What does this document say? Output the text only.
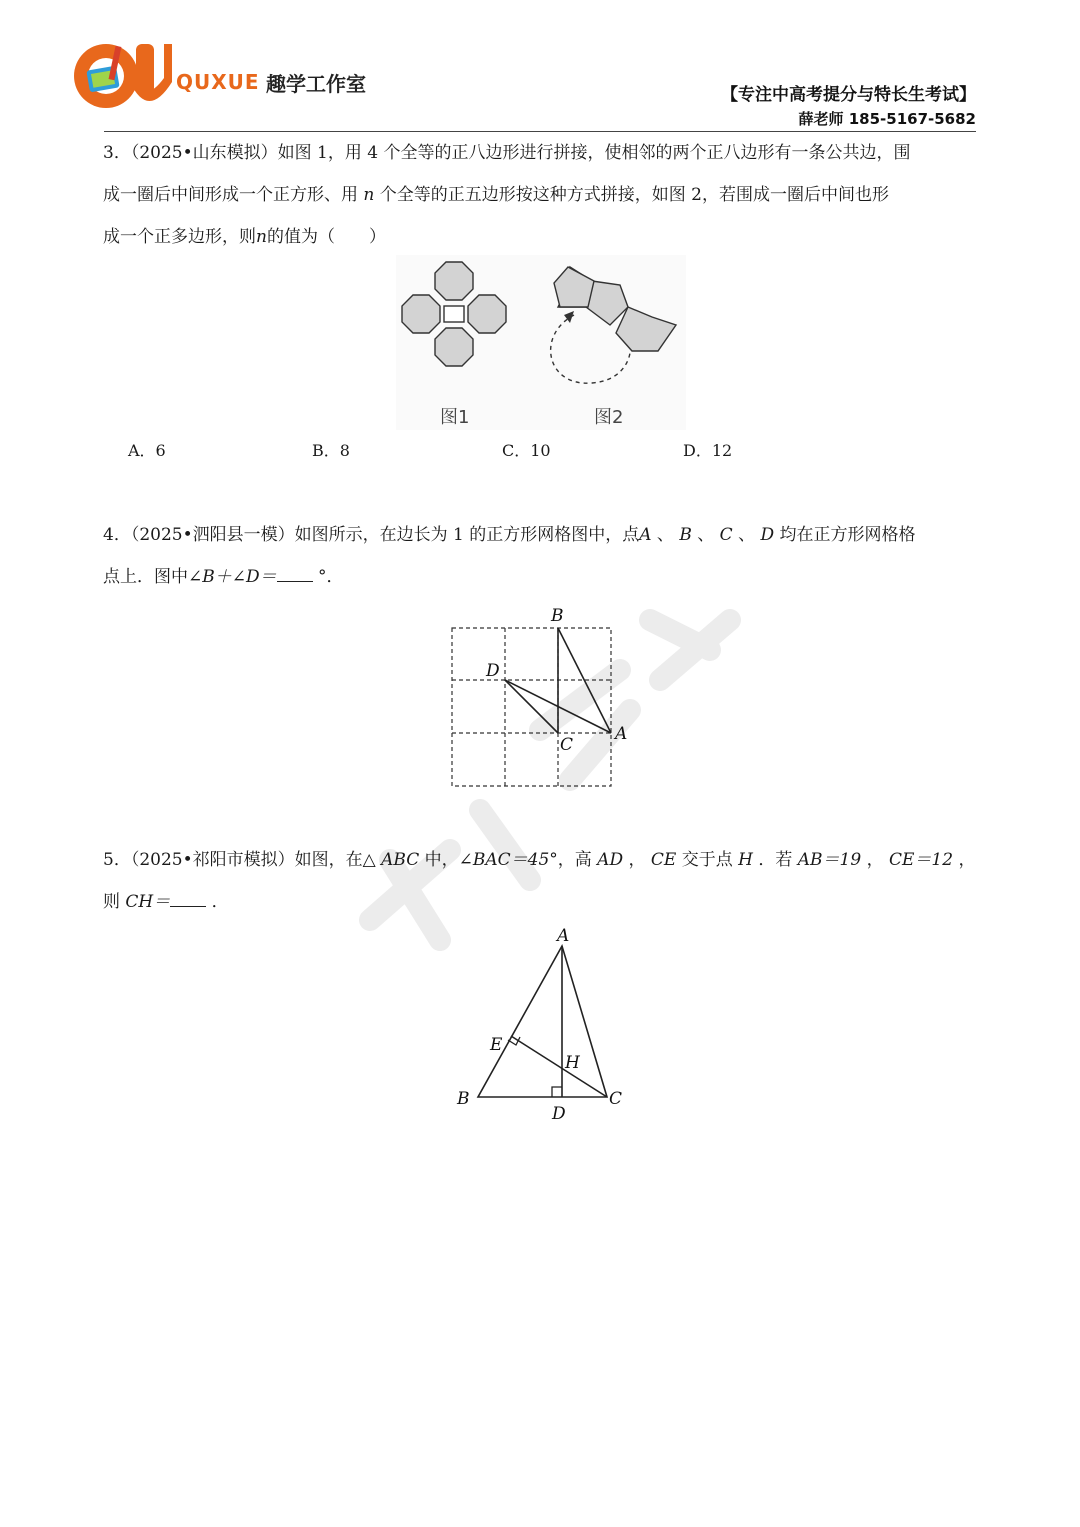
QUXUE 趣学工作室	【专注中高考提分与特长生考试】
薛老师 185-5167-5682
3．（2025•山东模拟）如图 1，用 4 个全等的正八边形进行拼接，使相邻的两个正八边形有一条公共边，围
成一圈后中间形成一个正方形、用 n 个全等的正五边形按这种方式拼接，如图 2，若围成一圈后中间也形
成一个正多边形，则n的值为（　　）
图1	图2
A．6	B．8	C．10	D．12
4．（2025•泗阳县一模）如图所示，在边长为 1 的正方形网格图中，点A 、 B 、 C 、 D 均在正方形网格格
点上．图中∠B＋∠D＝ °．
B
D
C
A
5．（2025•祁阳市模拟）如图，在△ ABC 中，∠BAC＝45°，高 AD ， CE 交于点 H ．若 AB＝19 ， CE＝12 ，
则 CH＝ ．
A
E
H
B
D
C
